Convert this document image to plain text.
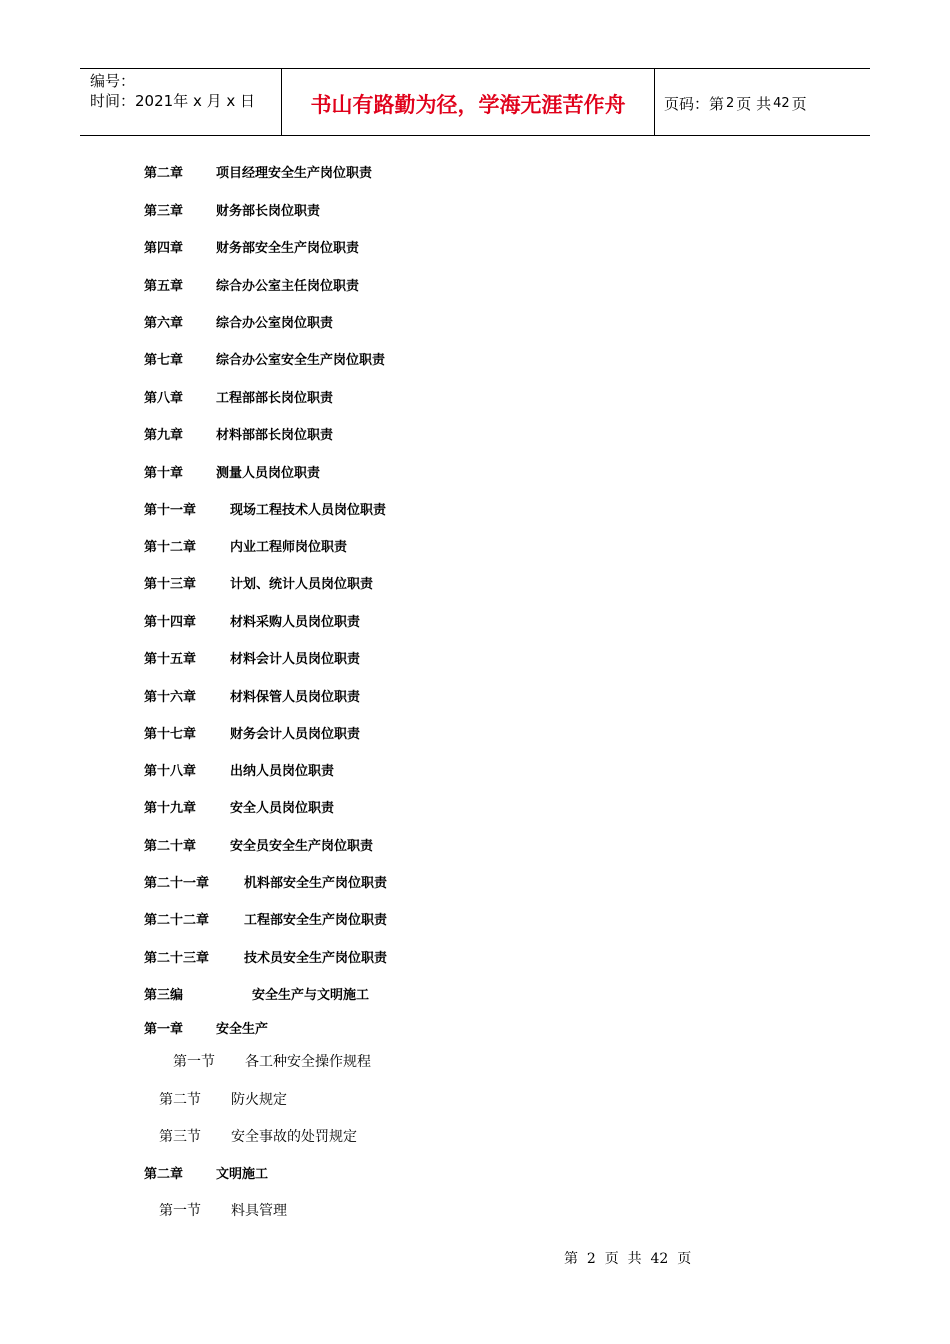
编号：
时间：2021年 x 月 x 日	书山有路勤为径，学海无涯苦作舟	页码：第 2 页 共 42 页
第二章	项目经理安全生产岗位职责
第三章	财务部长岗位职责
第四章	财务部安全生产岗位职责
第五章	综合办公室主任岗位职责
第六章	综合办公室岗位职责
第七章	综合办公室安全生产岗位职责
第八章	工程部部长岗位职责
第九章	材料部部长岗位职责
第十章	测量人员岗位职责
第十一章	现场工程技术人员岗位职责
第十二章	内业工程师岗位职责
第十三章	计划、统计人员岗位职责
第十四章	材料采购人员岗位职责
第十五章	材料会计人员岗位职责
第十六章	材料保管人员岗位职责
第十七章	财务会计人员岗位职责
第十八章	出纳人员岗位职责
第十九章	安全人员岗位职责
第二十章	安全员安全生产岗位职责
第二十一章	机料部安全生产岗位职责
第二十二章	工程部安全生产岗位职责
第二十三章	技术员安全生产岗位职责
第三编	安全生产与文明施工
第一章	安全生产
第一节 各工种安全操作规程
第二节 防火规定
第三节 安全事故的处罚规定
第二章	文明施工
第一节 料具管理
第  2  页  共  42  页
